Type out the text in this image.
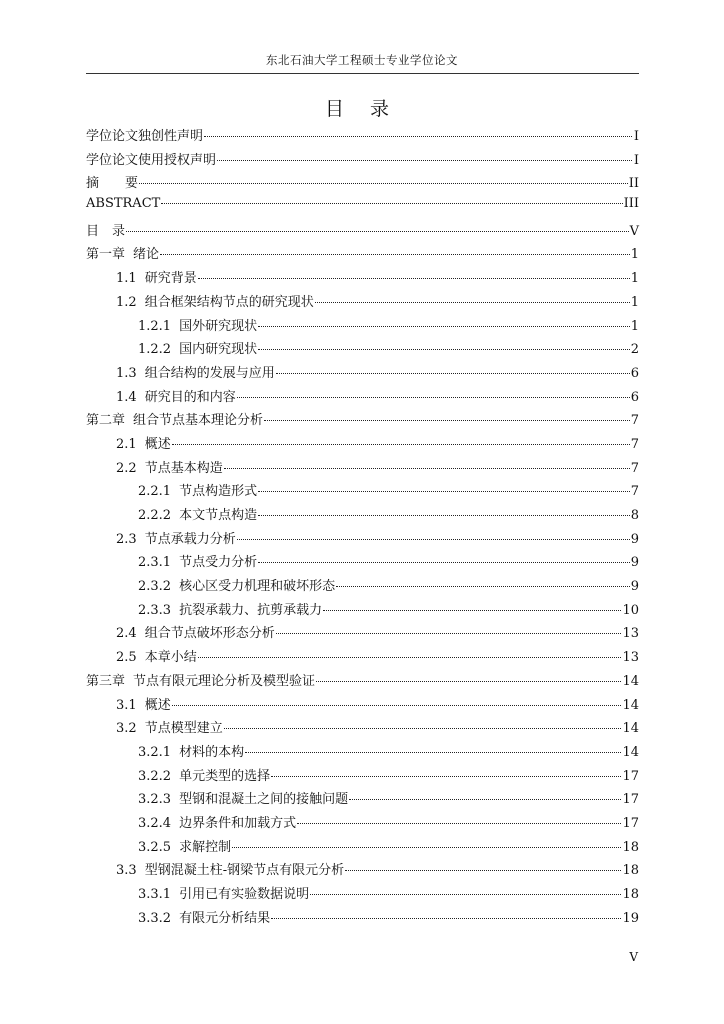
东北石油大学工程硕士专业学位论文
目 录
学位论文独创性声明	I
学位论文使用授权声明	I
摘　　要	II
ABSTRACT	III
目　录	V
第一章 绪论	1
1.1 研究背景	1
1.2 组合框架结构节点的研究现状	1
1.2.1 国外研究现状	1
1.2.2 国内研究现状	2
1.3 组合结构的发展与应用	6
1.4 研究目的和内容	6
第二章 组合节点基本理论分析	7
2.1 概述	7
2.2 节点基本构造	7
2.2.1 节点构造形式	7
2.2.2 本文节点构造	8
2.3 节点承载力分析	9
2.3.1 节点受力分析	9
2.3.2 核心区受力机理和破坏形态	9
2.3.3 抗裂承载力、抗剪承载力	10
2.4 组合节点破坏形态分析	13
2.5 本章小结	13
第三章 节点有限元理论分析及模型验证	14
3.1 概述	14
3.2 节点模型建立	14
3.2.1 材料的本构	14
3.2.2 单元类型的选择	17
3.2.3 型钢和混凝土之间的接触问题	17
3.2.4 边界条件和加载方式	17
3.2.5 求解控制	18
3.3 型钢混凝土柱-钢梁节点有限元分析	18
3.3.1 引用已有实验数据说明	18
3.3.2 有限元分析结果	19
V
